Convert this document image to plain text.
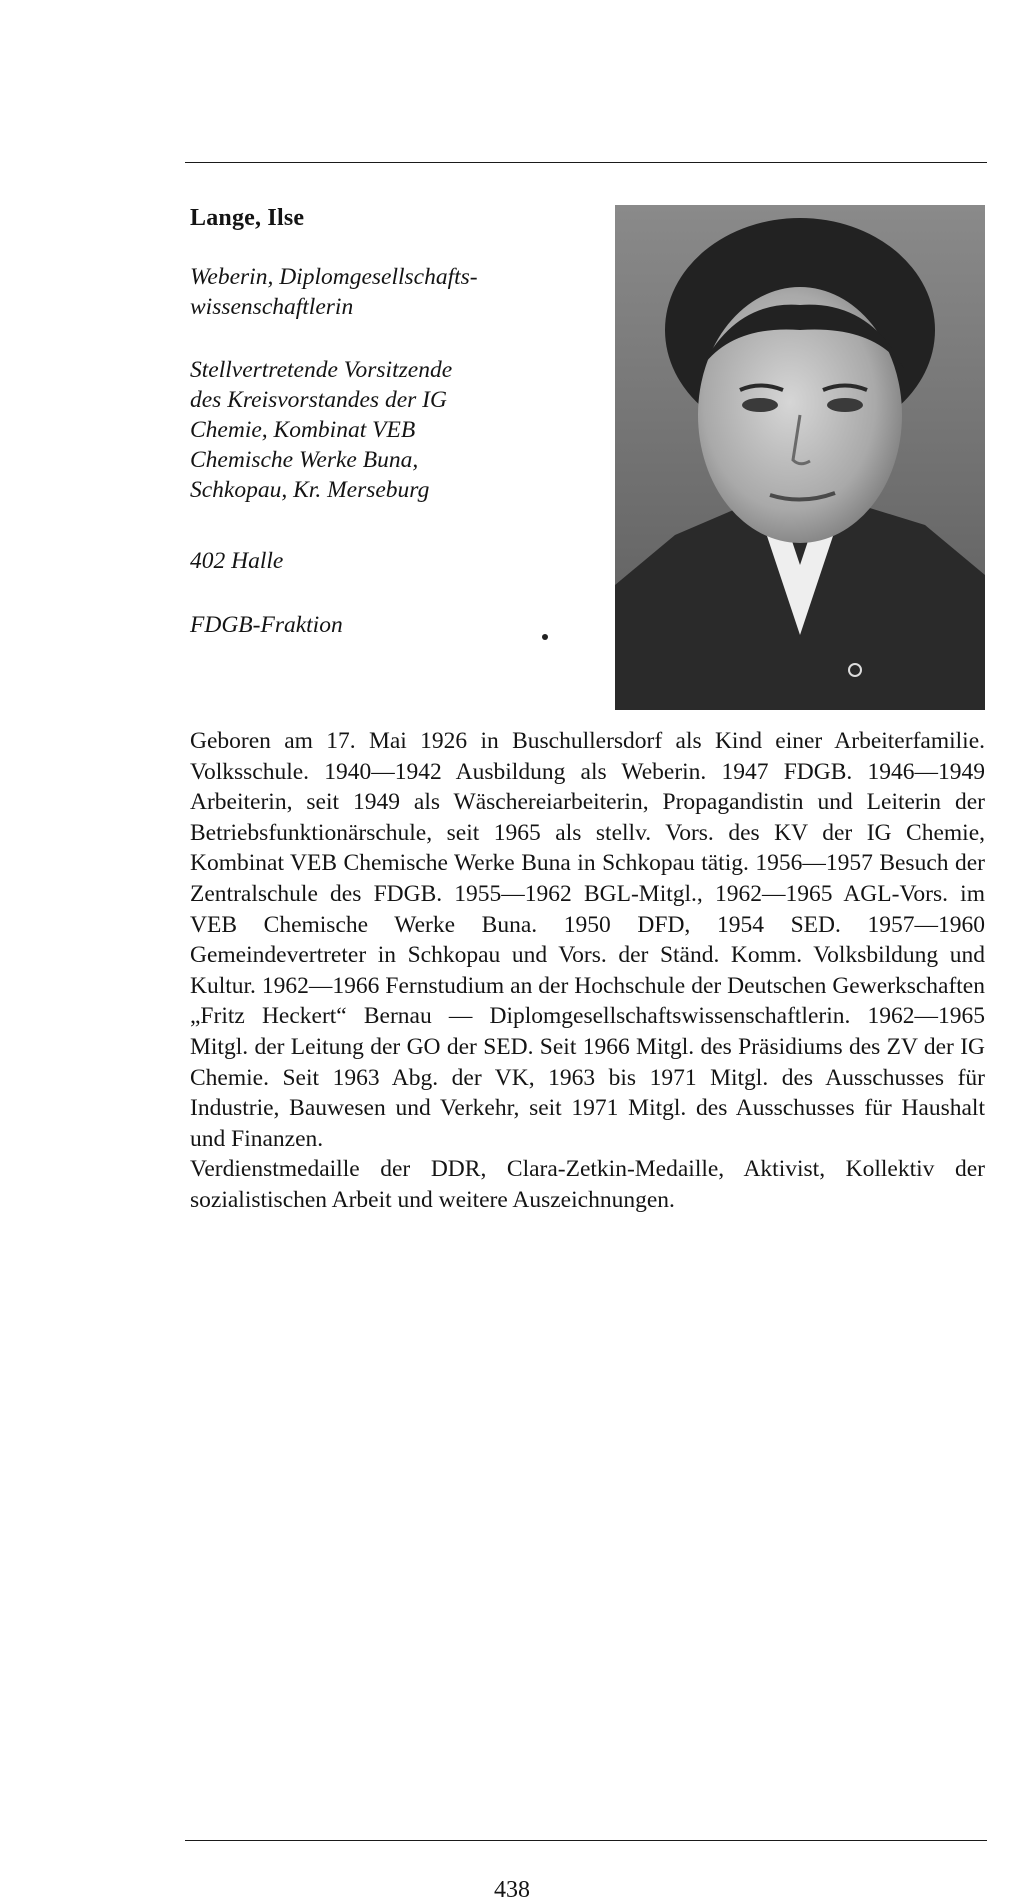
Lange, Ilse
Weberin, Diplomgesellschafts-
wissenschaftlerin
Stellvertretende Vorsitzende
des Kreisvorstandes der IG
Chemie, Kombinat VEB
Chemische Werke Buna,
Schkopau, Kr. Merseburg
402 Halle
FDGB-Fraktion

Geboren am 17. Mai 1926 in Buschullersdorf als Kind einer Arbeiterfamilie. Volksschule. 1940—1942 Ausbildung als Weberin. 1947 FDGB. 1946—1949 Arbeiterin, seit 1949 als Wäschereiarbeiterin, Propagandistin und Leiterin der Betriebsfunktionärschule, seit 1965 als stellv. Vors. des KV der IG Chemie, Kombinat VEB Chemische Werke Buna in Schkopau tätig. 1956—1957 Besuch der Zentralschule des FDGB. 1955—1962 BGL-Mitgl., 1962—1965 AGL-Vors. im VEB Chemische Werke Buna. 1950 DFD, 1954 SED. 1957—1960 Gemeindevertreter in Schkopau und Vors. der Ständ. Komm. Volksbildung und Kultur. 1962—1966 Fernstudium an der Hochschule der Deutschen Gewerkschaften „Fritz Heckert“ Bernau — Diplomgesellschaftswissenschaftlerin. 1962—1965 Mitgl. der Leitung der GO der SED. Seit 1966 Mitgl. des Präsidiums des ZV der IG Chemie. Seit 1963 Abg. der VK, 1963 bis 1971 Mitgl. des Ausschusses für Industrie, Bauwesen und Verkehr, seit 1971 Mitgl. des Ausschusses für Haushalt und Finanzen.

Verdienstmedaille der DDR, Clara-Zetkin-Medaille, Aktivist, Kollektiv der sozialistischen Arbeit und weitere Auszeichnungen.

438
